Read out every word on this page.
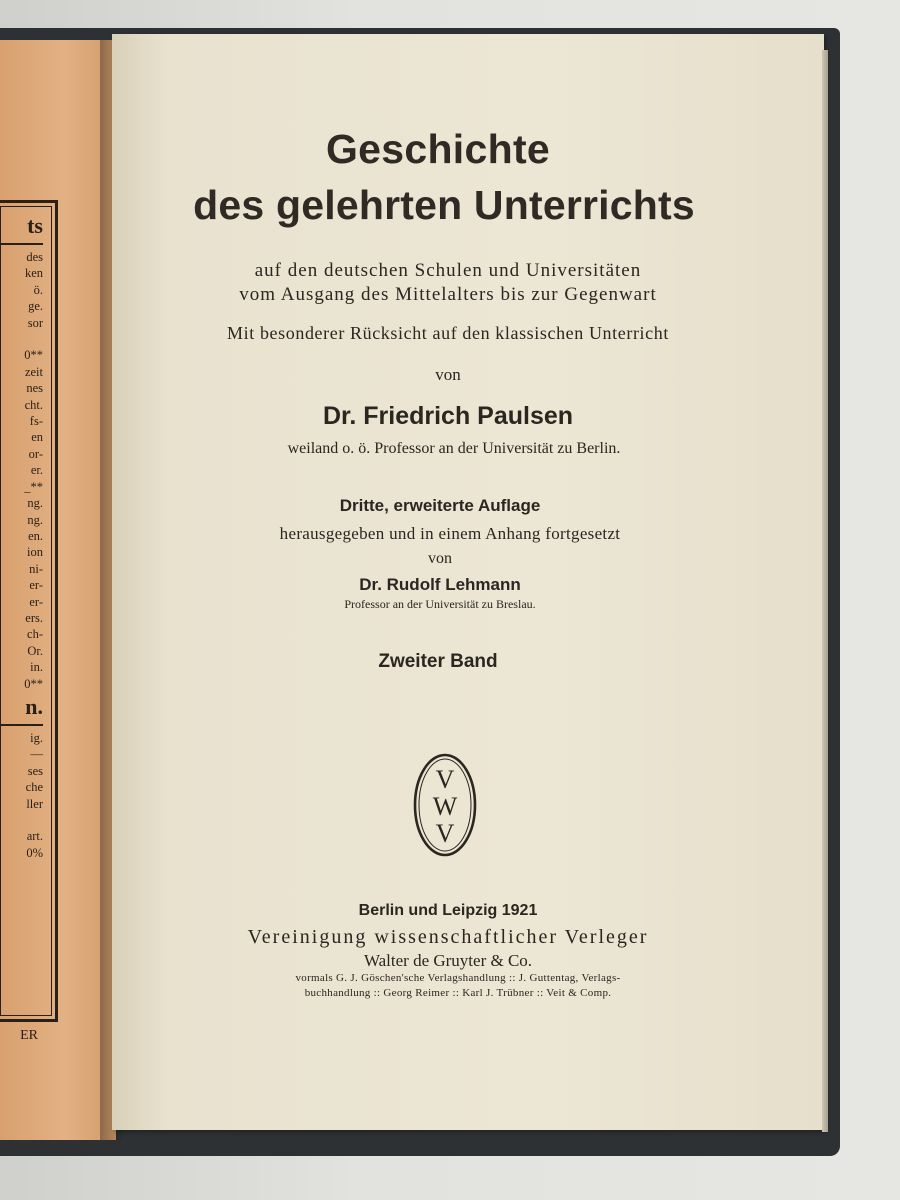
ts
des
ken
ö.
ge.
sor

0**
zeit
nes
cht.
fs-
en
or-
er.
_**
ng.
ng.
en.
ion
ni-
er-
er-
ers.
ch-
Or.
in.
0**
n.
ig.
—
ses
che
ller

art.
0%
ER
Geschichte
des gelehrten Unterrichts

auf den deutschen Schulen und Universitäten

vom Ausgang des Mittelalters bis zur Gegenwart

Mit besonderer Rücksicht auf den klassischen Unterricht

von

Dr. Friedrich Paulsen

weiland o. ö. Professor an der Universität zu Berlin.

Dritte, erweiterte Auflage

herausgegeben und in einem Anhang fortgesetzt

von

Dr. Rudolf Lehmann

Professor an der Universität zu Breslau.

Zweiter Band

V
W
V

Berlin und Leipzig 1921

Vereinigung wissenschaftlicher Verleger

Walter de Gruyter & Co.

vormals G. J. Göschen'sche Verlagshandlung :: J. Guttentag, Verlags-

buchhandlung :: Georg Reimer :: Karl J. Trübner :: Veit & Comp.
